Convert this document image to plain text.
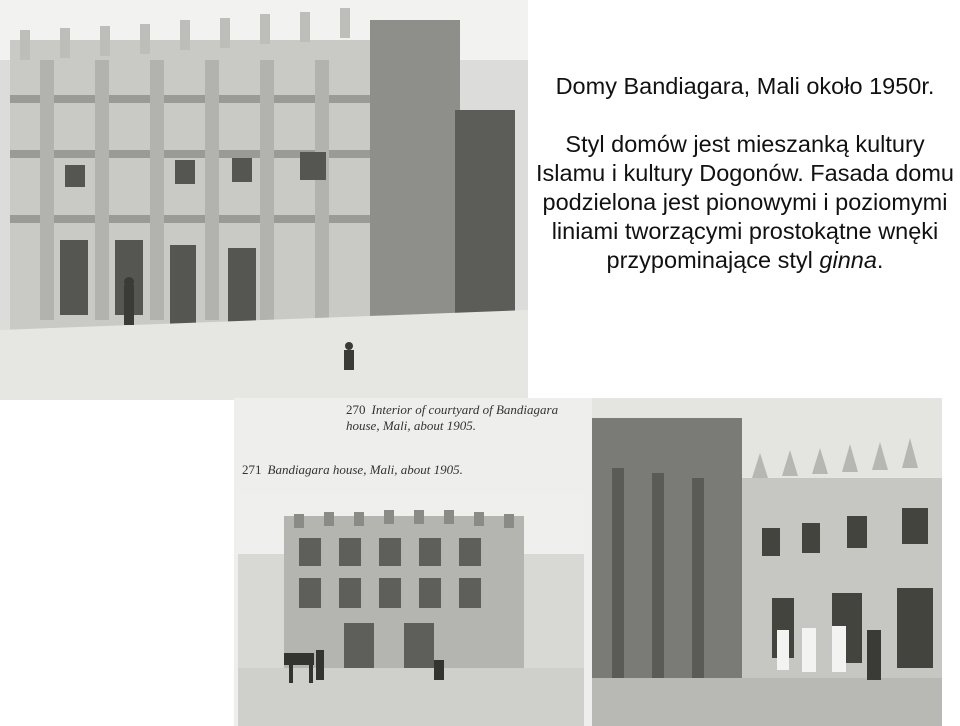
270 Interior of courtyard of Bandiagara
house, Mali, about 1905.
271 Bandiagara house, Mali, about 1905.

Domy Bandiagara, Mali około 1950r.

Styl domów jest mieszanką kultury Islamu i kultury Dogonów. Fasada domu podzielona jest pionowymi i poziomymi liniami tworzącymi prostokątne wnęki przypominające styl ginna.
